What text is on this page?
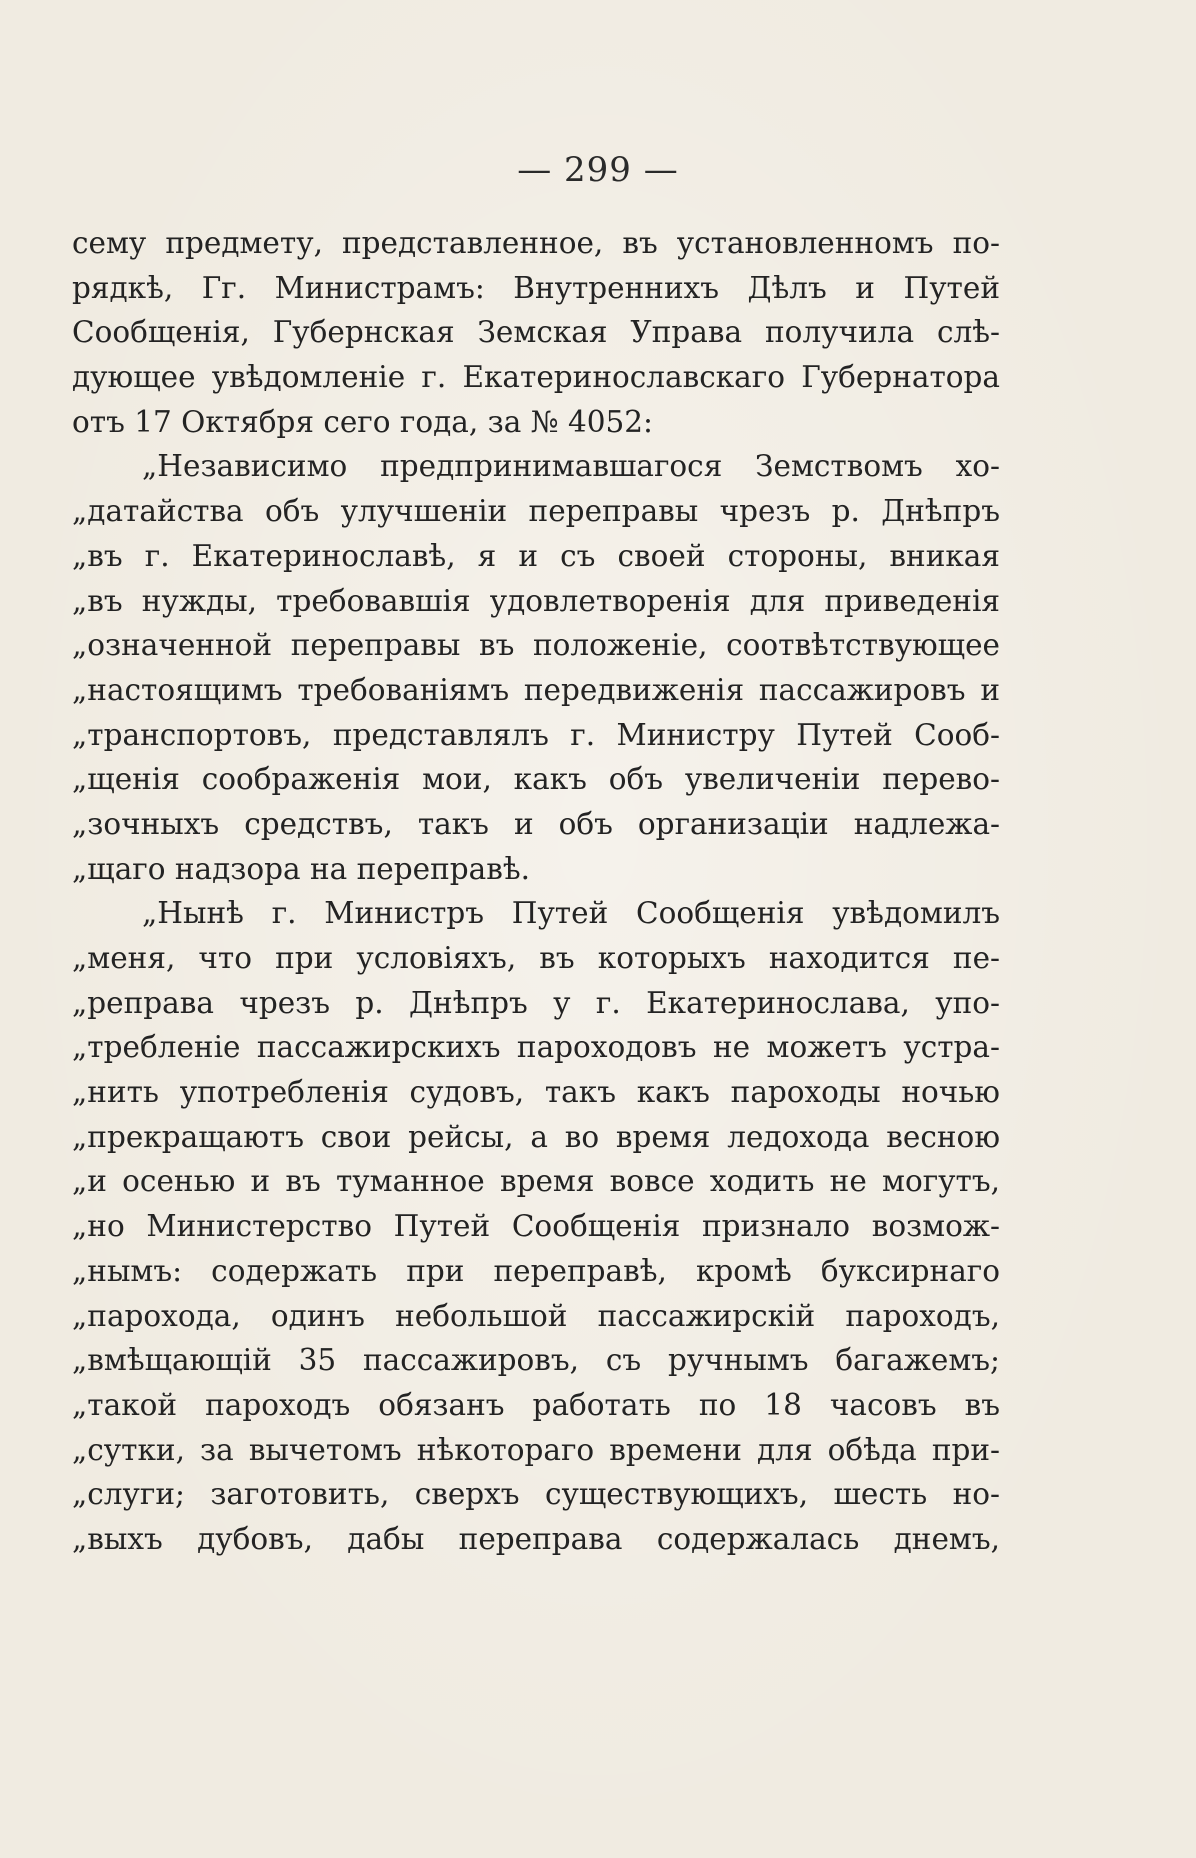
— 299 —
сему предмету, представленное, въ установленномъ по-
рядкѣ, Гг. Министрамъ: Внутреннихъ Дѣлъ и Путей
Сообщенія, Губернская Земская Управа получила слѣ-
дующее увѣдомленіе г. Екатеринославскаго Губернатора
отъ 17 Октября сего года, за № 4052:
„Независимо предпринимавшагося Земствомъ хо-
„датайства объ улучшеніи переправы чрезъ р. Днѣпръ
„въ г. Екатеринославѣ, я и съ своей стороны, вникая
„въ нужды, требовавшія удовлетворенія для приведенія
„означенной переправы въ положеніе, соотвѣтствующее
„настоящимъ требованіямъ передвиженія пассажировъ и
„транспортовъ, представлялъ г. Министру Путей Сооб-
„щенія соображенія мои, какъ объ увеличеніи перево-
„зочныхъ средствъ, такъ и объ организаціи надлежа-
„щаго надзора на переправѣ.
„Нынѣ г. Министръ Путей Сообщенія увѣдомилъ
„меня, что при условіяхъ, въ которыхъ находится пе-
„реправа чрезъ р. Днѣпръ у г. Екатеринослава, упо-
„требленіе пассажирскихъ пароходовъ не можетъ устра-
„нить употребленія судовъ, такъ какъ пароходы ночью
„прекращаютъ свои рейсы, а во время ледохода весною
„и осенью и въ туманное время вовсе ходить не могутъ,
„но Министерство Путей Сообщенія признало возмож-
„нымъ: содержать при переправѣ, кромѣ буксирнаго
„парохода, одинъ небольшой пассажирскій пароходъ,
„вмѣщающій 35 пассажировъ, съ ручнымъ багажемъ;
„такой пароходъ обязанъ работать по 18 часовъ въ
„сутки, за вычетомъ нѣкотораго времени для обѣда при-
„слуги; заготовить, сверхъ существующихъ, шесть но-
„выхъ дубовъ, дабы переправа содержалась днемъ,
